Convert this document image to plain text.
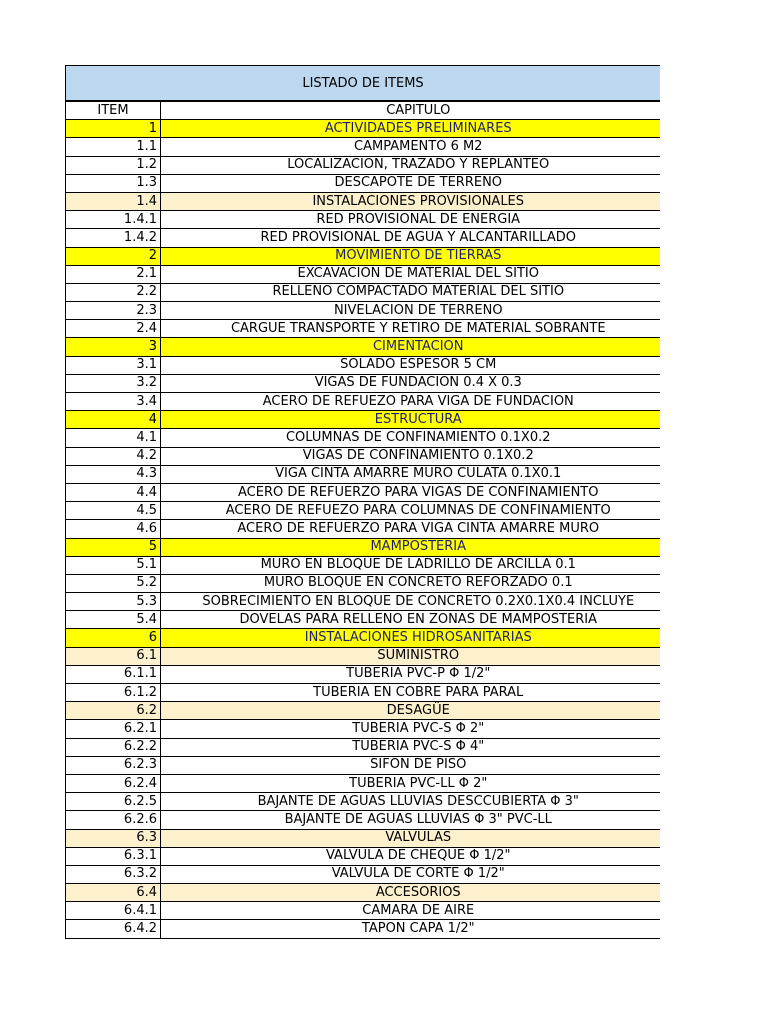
LISTADO DE ITEMS
ITEM	CAPITULO
1	ACTIVIDADES PRELIMINARES
1.1	CAMPAMENTO 6 M2
1.2	LOCALIZACION, TRAZADO Y REPLANTEO
1.3	DESCAPOTE DE TERRENO
1.4	INSTALACIONES PROVISIONALES
1.4.1	RED PROVISIONAL DE ENERGIA
1.4.2	RED PROVISIONAL DE AGUA Y ALCANTARILLADO
2	MOVIMIENTO DE TIERRAS
2.1	EXCAVACION DE MATERIAL DEL SITIO
2.2	RELLENO COMPACTADO MATERIAL DEL SITIO
2.3	NIVELACION DE TERRENO
2.4	CARGUE TRANSPORTE Y RETIRO DE MATERIAL SOBRANTE
3	CIMENTACION
3.1	SOLADO ESPESOR 5 CM
3.2	VIGAS DE FUNDACION 0.4 X 0.3
3.4	ACERO DE REFUEZO PARA VIGA DE FUNDACION
4	ESTRUCTURA
4.1	COLUMNAS DE CONFINAMIENTO 0.1X0.2
4.2	VIGAS DE CONFINAMIENTO 0.1X0.2
4.3	VIGA CINTA AMARRE MURO CULATA 0.1X0.1
4.4	ACERO DE REFUERZO PARA VIGAS DE CONFINAMIENTO
4.5	ACERO DE REFUEZO PARA COLUMNAS DE CONFINAMIENTO
4.6	ACERO DE REFUERZO PARA VIGA CINTA AMARRE MURO
5	MAMPOSTERIA
5.1	MURO EN BLOQUE DE LADRILLO DE ARCILLA 0.1
5.2	MURO BLOQUE EN CONCRETO REFORZADO 0.1
5.3	SOBRECIMIENTO EN BLOQUE DE CONCRETO 0.2X0.1X0.4 INCLUYE
5.4	DOVELAS PARA RELLENO EN ZONAS DE MAMPOSTERIA
6	INSTALACIONES HIDROSANITARIAS
6.1	SUMINISTRO
6.1.1	TUBERIA PVC-P Φ 1/2"
6.1.2	TUBERIA EN COBRE PARA PARAL
6.2	DESAGÜE
6.2.1	TUBERIA PVC-S Φ 2"
6.2.2	TUBERIA PVC-S Φ 4"
6.2.3	SIFON DE PISO
6.2.4	TUBERIA PVC-LL Φ 2"
6.2.5	BAJANTE DE AGUAS LLUVIAS DESCCUBIERTA Φ 3"
6.2.6	BAJANTE DE AGUAS LLUVIAS Φ 3" PVC-LL
6.3	VALVULAS
6.3.1	VALVULA DE CHEQUE Φ 1/2"
6.3.2	VALVULA DE CORTE Φ 1/2"
6.4	ACCESORIOS
6.4.1	CAMARA DE AIRE
6.4.2	TAPON CAPA 1/2"
